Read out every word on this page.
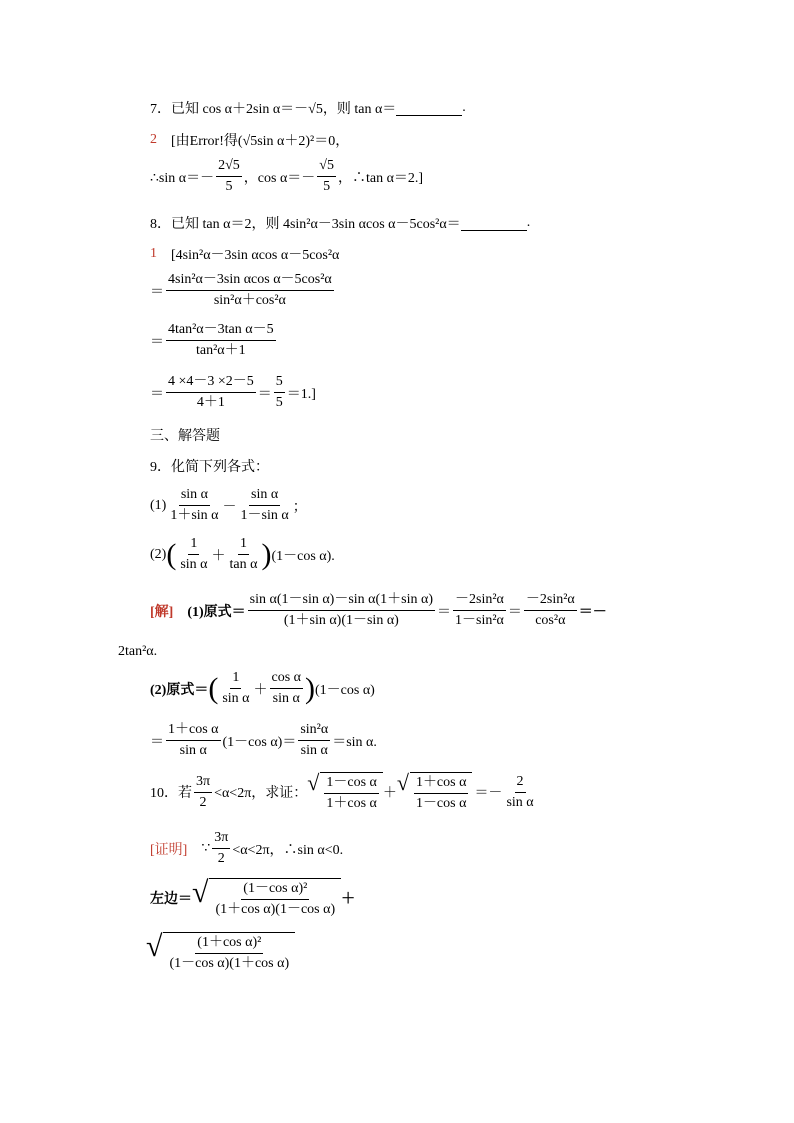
7．已知 cos α＋2sin α＝－√5，则 tan α＝	.
2 [由Error!得(√5sin α＋2)²＝0，
∴sin $\alpha=- \frac{2√5}{5}$ ，$\cos \alpha=- \frac{√5}{5}$ ，∴tan α＝2.]
8．已知 tan α＝2，则 4sin²α－3sin αcos α－5cos²α＝	.
1 [4sin²α－3sin αcos α－5cos²α
＝ $\frac{\text{4sin²α－3sin αcos α－5cos²α}}{\text{sin²α＋cos²α}}$
＝ $\frac{\text{4tan²α－3tan α－5}}{\text{tan²α＋1}}$
＝ $\frac{4 \times 4-3 \times 2-5}{4+1} = \frac{5}{5} =1$.]
三、解答题
9．化简下列各式：
$(1) \frac{\text{sin α}}{\text{1＋sin α}} - \frac{\text{sin α}}{\text{1－sin α}}$ ；
(2) ( $\frac{1}{\text{sin α}} + \frac{1}{\text{tan α}}$ ) (1－cos α).
[解] (1)原式＝ $\frac{\text{sin α(1－sin α)－sin α(1＋sin α)}}{\text{(1＋sin α)(1－sin α)}} = \frac{\text{－2sin²α}}{\text{1－sin²α}} = \frac{\text{－2sin²α}}{\text{cos²α}}$ ＝－
2tan²α.
(2)原式＝ ( $\frac{1}{\text{sin α}} + \frac{\text{cos α}}{\text{sin α}}$ ) (1－cos α)
＝ $\frac{\text{1＋cos α}}{\text{sin α}} (1-\cos$ $\alpha)= \frac{\text{sin²α}}{\text{sin α}} =\sin$ α.
10．若 $\frac{3\pi}{2} <\alpha<2\pi$，求证： √ $\frac{\text{1－cos α}}{\text{1＋cos α}}$ ＋ √ $\frac{\text{1＋cos α}}{\text{1－cos α}} =- \frac{2}{\text{sin α}}$
[证明] ∵ $\frac{3\pi}{2} <\alpha<2\pi$，∴sin α<0.
左边＝ √ $\frac{\text{(1－cos α)²}}{\text{(1＋cos α)(1－cos α)}}$ ＋
√ $\frac{\text{(1＋cos α)²}}{\text{(1－cos α)(1＋cos α)}}$
